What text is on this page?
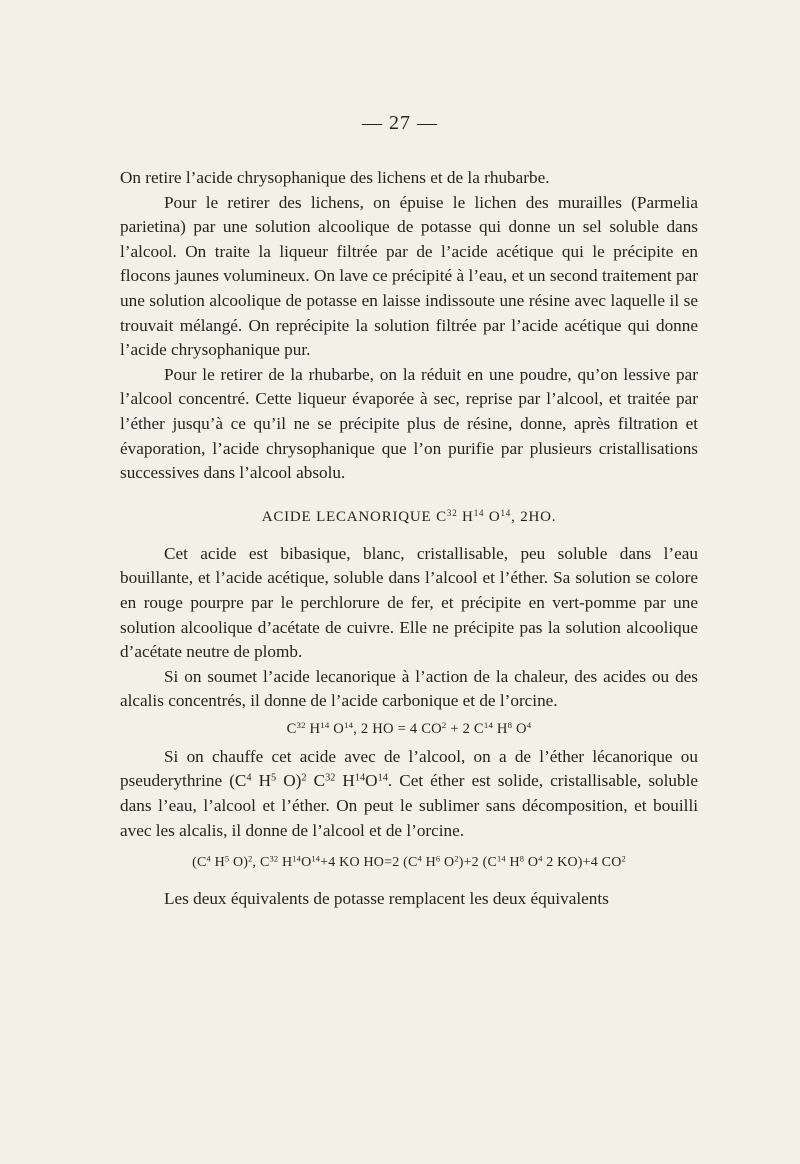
— 27 —

On retire l’acide chrysophanique des lichens et de la rhubarbe.

Pour le retirer des lichens, on épuise le lichen des murailles (Parmelia parietina) par une solution alcoolique de potasse qui donne un sel soluble dans l’alcool. On traite la liqueur filtrée par de l’acide acétique qui le précipite en flocons jaunes volumineux. On lave ce précipité à l’eau, et un second traitement par une solution alcoolique de potasse en laisse indissoute une résine avec laquelle il se trouvait mélangé. On reprécipite la solution filtrée par l’acide acétique qui donne l’acide chrysophanique pur.

Pour le retirer de la rhubarbe, on la réduit en une poudre, qu’on lessive par l’alcool concentré. Cette liqueur évaporée à sec, reprise par l’alcool, et traitée par l’éther jusqu’à ce qu’il ne se précipite plus de résine, donne, après filtration et évaporation, l’acide chrysophanique que l’on purifie par plusieurs cristallisations successives dans l’alcool absolu.

ACIDE LECANORIQUE $C^{32}$ $H^{14}$ $O^{14}$, 2HO.

Cet acide est bibasique, blanc, cristallisable, peu soluble dans l’eau bouillante, et l’acide acétique, soluble dans l’alcool et l’éther. Sa solution se colore en rouge pourpre par le perchlorure de fer, et précipite en vert-pomme par une solution alcoolique d’acétate de cuivre. Elle ne précipite pas la solution alcoolique d’acétate neutre de plomb.

Si on soumet l’acide lecanorique à l’action de la chaleur, des acides ou des alcalis concentrés, il donne de l’acide carbonique et de l’orcine.

$C^{32}$ $H^{14}$ $O^{14}$, 2 HO = 4 $CO^2 + 2$ $C^{14}$ $H^8$ $O^4$

Si on chauffe cet acide avec de l’alcool, on a de l’éther lécanorique ou pseuderythrine ($C^4$ $H^5$ O)$^2$ $C^{32}$ $H^{14}O^{14}$. Cet éther est solide, cristallisable, soluble dans l’eau, l’alcool et l’éther. On peut le sublimer sans décomposition, et bouilli avec les alcalis, il donne de l’alcool et de l’orcine.

($C^4$ $H^5$ O)$^2$, $C^{32}$ $H^{14}O^{14}+4$ KO HO=2 ($C^4$ $H^6$ $O^2)+2$ ($C^{14}$ $H^8$ $O^4$ 2 KO)+4 $CO^2$

Les deux équivalents de potasse remplacent les deux équivalents
